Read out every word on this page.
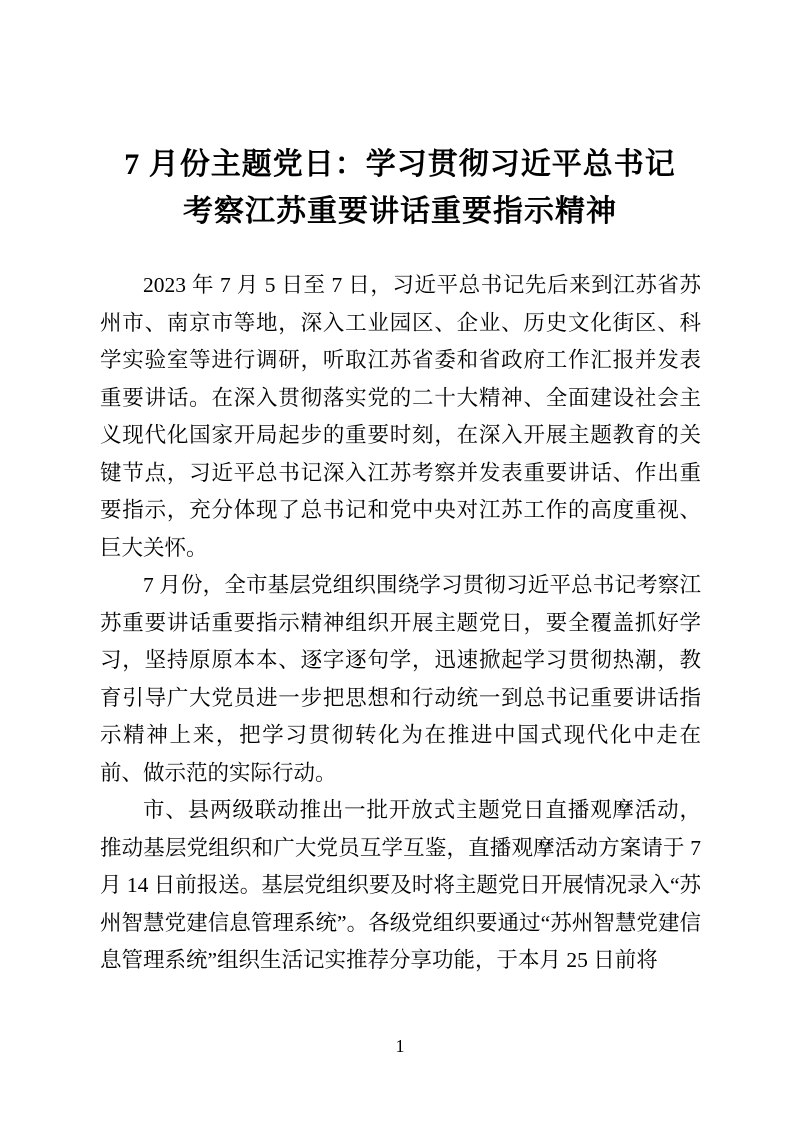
7 月份主题党日：学习贯彻习近平总书记
考察江苏重要讲话重要指示精神

2023 年 7 月 5 日至 7 日，习近平总书记先后来到江苏省苏州市、南京市等地，深入工业园区、企业、历史文化街区、科学实验室等进行调研，听取江苏省委和省政府工作汇报并发表重要讲话。在深入贯彻落实党的二十大精神、全面建设社会主义现代化国家开局起步的重要时刻，在深入开展主题教育的关键节点，习近平总书记深入江苏考察并发表重要讲话、作出重要指示，充分体现了总书记和党中央对江苏工作的高度重视、巨大关怀。

7 月份，全市基层党组织围绕学习贯彻习近平总书记考察江苏重要讲话重要指示精神组织开展主题党日，要全覆盖抓好学习，坚持原原本本、逐字逐句学，迅速掀起学习贯彻热潮，教育引导广大党员进一步把思想和行动统一到总书记重要讲话指示精神上来，把学习贯彻转化为在推进中国式现代化中走在前、做示范的实际行动。

市、县两级联动推出一批开放式主题党日直播观摩活动，推动基层党组织和广大党员互学互鉴，直播观摩活动方案请于 7 月 14 日前报送。基层党组织要及时将主题党日开展情况录入“苏州智慧党建信息管理系统”。各级党组织要通过“苏州智慧党建信息管理系统”组织生活记实推荐分享功能，于本月 25 日前将

1
